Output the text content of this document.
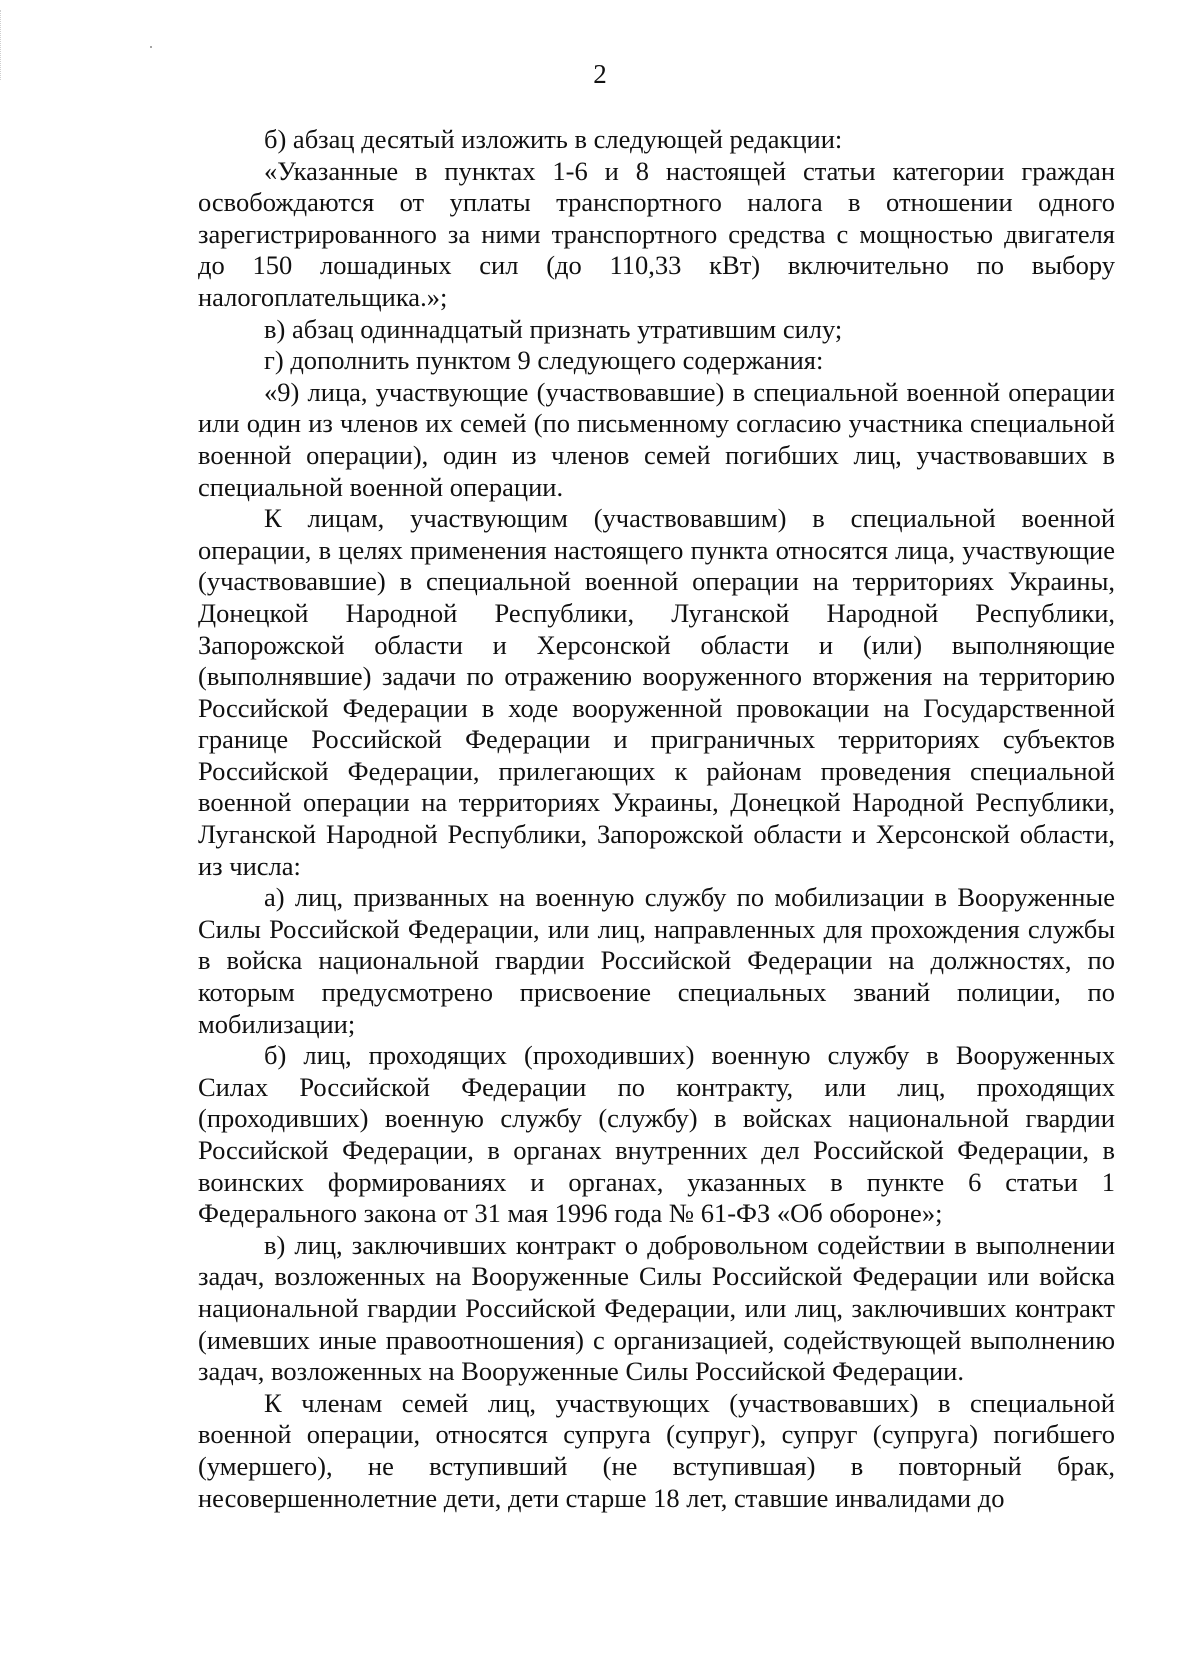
2

б) абзац десятый изложить в следующей редакции:

«Указанные в пунктах 1-6 и 8 настоящей статьи категории граждан освобождаются от уплаты транспортного налога в отношении одного зарегистрированного за ними транспортного средства с мощностью двигателя до 150 лошадиных сил (до 110,33 кВт) включительно по выбору налогоплательщика.»;

в) абзац одиннадцатый признать утратившим силу;

г) дополнить пунктом 9 следующего содержания:

«9) лица, участвующие (участвовавшие) в специальной военной операции или один из членов их семей (по письменному согласию участника специальной военной операции), один из членов семей погибших лиц, участвовавших в специальной военной операции.

К лицам, участвующим (участвовавшим) в специальной военной операции, в целях применения настоящего пункта относятся лица, участвующие (участвовавшие) в специальной военной операции на территориях Украины, Донецкой Народной Республики, Луганской Народной Республики, Запорожской области и Херсонской области и (или) выполняющие (выполнявшие) задачи по отражению вооруженного вторжения на территорию Российской Федерации в ходе вооруженной провокации на Государственной границе Российской Федерации и приграничных территориях субъектов Российской Федерации, прилегающих к районам проведения специальной военной операции на территориях Украины, Донецкой Народной Республики, Луганской Народной Республики, Запорожской области и Херсонской области, из числа:

а) лиц, призванных на военную службу по мобилизации в Вооруженные Силы Российской Федерации, или лиц, направленных для прохождения службы в войска национальной гвардии Российской Федерации на должностях, по которым предусмотрено присвоение специальных званий полиции, по мобилизации;

б) лиц, проходящих (проходивших) военную службу в Вооруженных Силах Российской Федерации по контракту, или лиц, проходящих (проходивших) военную службу (службу) в войсках национальной гвардии Российской Федерации, в органах внутренних дел Российской Федерации, в воинских формированиях и органах, указанных в пункте 6 статьи 1 Федерального закона от 31 мая 1996 года № 61-ФЗ «Об обороне»;

в) лиц, заключивших контракт о добровольном содействии в выполнении задач, возложенных на Вооруженные Силы Российской Федерации или войска национальной гвардии Российской Федерации, или лиц, заключивших контракт (имевших иные правоотношения) с организацией, содействующей выполнению задач, возложенных на Вооруженные Силы Российской Федерации.

К членам семей лиц, участвующих (участвовавших) в специальной военной операции, относятся супруга (супруг), супруг (супруга) погибшего (умершего), не вступивший (не вступившая) в повторный брак, несовершеннолетние дети, дети старше 18 лет, ставшие инвалидами до
